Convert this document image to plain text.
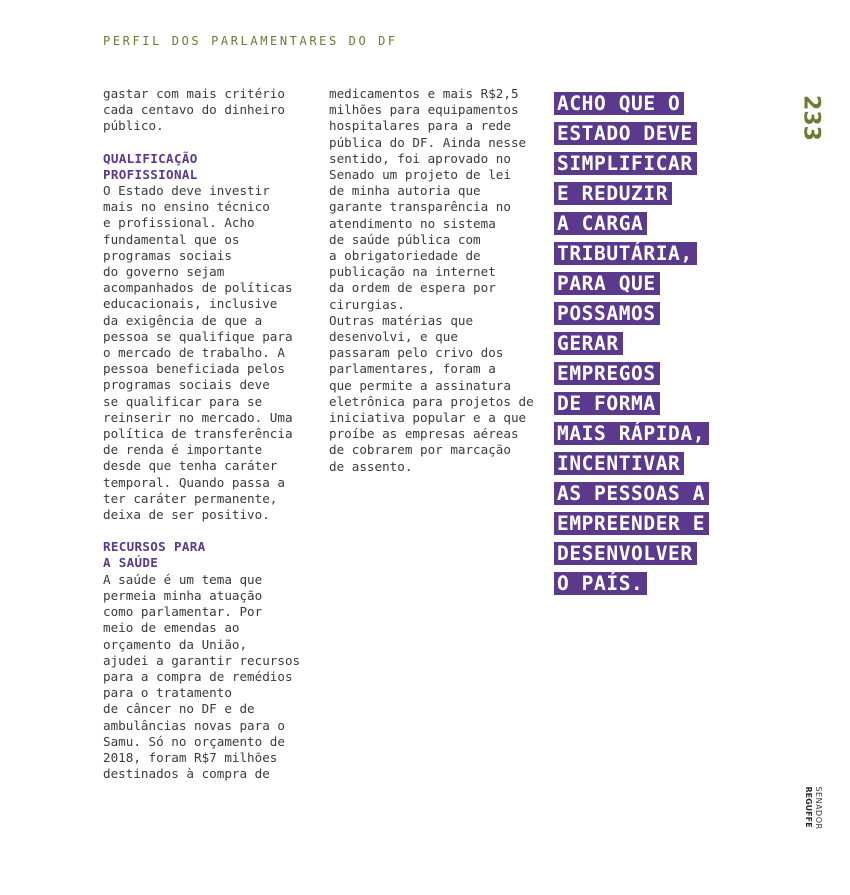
PERFIL DOS PARLAMENTARES DO DF
233
SENADOR
REGUFFE
gastar com mais critério
cada centavo do dinheiro
público.
QUALIFICAÇÃO
PROFISSIONAL
O Estado deve investir
mais no ensino técnico
e profissional. Acho
fundamental que os
programas sociais
do governo sejam
acompanhados de políticas
educacionais, inclusive
da exigência de que a
pessoa se qualifique para
o mercado de trabalho. A
pessoa beneficiada pelos
programas sociais deve
se qualificar para se
reinserir no mercado. Uma
política de transferência
de renda é importante
desde que tenha caráter
temporal. Quando passa a
ter caráter permanente,
deixa de ser positivo.
RECURSOS PARA
A SAÚDE
A saúde é um tema que
permeia minha atuação
como parlamentar. Por
meio de emendas ao
orçamento da União,
ajudei a garantir recursos
para a compra de remédios
para o tratamento
de câncer no DF e de
ambulâncias novas para o
Samu. Só no orçamento de
2018, foram R$7 milhões
destinados à compra de
medicamentos e mais R$2,5
milhões para equipamentos
hospitalares para a rede
pública do DF. Ainda nesse
sentido, foi aprovado no
Senado um projeto de lei
de minha autoria que
garante transparência no
atendimento no sistema
de saúde pública com
a obrigatoriedade de
publicação na internet
da ordem de espera por
cirurgias.
Outras matérias que
desenvolvi, e que
passaram pelo crivo dos
parlamentares, foram a
que permite a assinatura
eletrônica para projetos de
iniciativa popular e a que
proíbe as empresas aéreas
de cobrarem por marcação
de assento.
ACHO QUE O
ESTADO DEVE
SIMPLIFICAR
E REDUZIR
A CARGA
TRIBUTÁRIA,
PARA QUE
POSSAMOS
GERAR
EMPREGOS
DE FORMA
MAIS RÁPIDA,
INCENTIVAR
AS PESSOAS A
EMPREENDER E
DESENVOLVER
O PAÍS.
